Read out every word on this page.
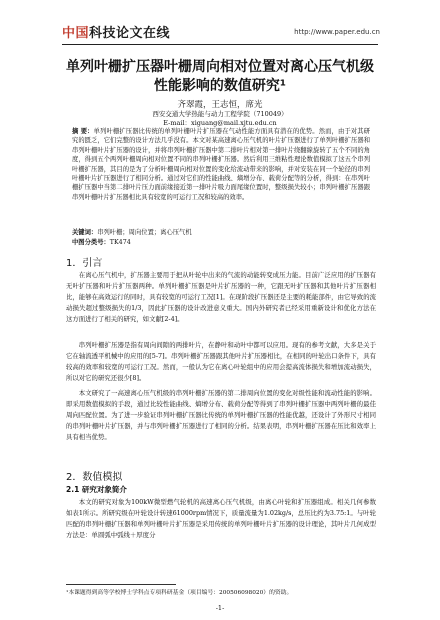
中国科技论文在线	http://www.paper.edu.cn
单列叶栅扩压器叶栅周向相对位置对离心压气机级性能影响的数值研究¹
齐翠霞，王志恒，席光
西安交通大学热能与动力工程学院（710049）
E-mail：xiguang@mail.xjtu.edu.cn
摘 要：单列叶栅扩压器比传统的单列叶栅叶片扩压器在气动性能方面具有潜在的优势。然而，由于对其研究的匮乏，它们完整的设计方法几乎没有。本文对某高速离心压气机的叶片扩压器进行了单列叶栅扩压器和串列叶栅叶片扩压器的设计，并将串列叶栅扩压器中第二排叶片相对第一排叶片绕翻線旋转了五个不同的角度，得到五个两列叶栅周向相对位置不同的串列叶栅扩压器。然后利用三维粘性理论数值模拟了这五个串列叶栅扩压器，其目的是为了分析叶栅周向相对位置的变化给流动带来的影响，并对安装在同一个轮径的串列叶栅叶片扩压器进行了相同分析。通过对它们的性能曲线、熵增分布、载荷分配等的分析，得到：在串列叶栅扩压器中当第二排叶片压力面前缘接近第一排叶片吸力面尾缘位置时，整级损失较小；串列叶栅扩压器跟串列叶栅叶片扩压器相比具有较宽的可运行工况和较高的效率。
关键词：串列叶栅；周向位置；离心压气机
中图分类号：TK474
1．引言
在离心压气机中，扩压器主要用于把从叶轮中出来的气流的动能转变成压力能。目前广泛应用的扩压器有无叶扩压器和叶片扩压器两种。单列叶栅扩压器是叶片扩压器的一种，它跟无叶扩压器和其他叶片扩压器相比，能够在高效运行的同时，具有较宽的可运行工况[1]。在现阶段扩压器还是主要的耗能部件，由它导致的流动损失超过整级损失的1/3，因此扩压器的设计改进意义重大。国内外研究者已经采用重新设计和优化方法在这方面进行了相关的研究，如文献[2-4]。
串列叶栅扩压器是指有周向间隙的两排叶片，在静叶和动叶中都可以应用。现有的参考文献，大多是关于它在轴流透平机械中的应用的[5-7]。串列叶栅扩压器跟其他叶片扩压器相比，在相同的叶轮出口条件下，具有较高的效率和较宽的可运行工况。然而，一般认为它在离心叶轮组中的应用会提高流体损失和增加流动损失，所以对它的研究还很少[8]。
本文研究了一高速离心压气机级的串列叶栅扩压器的第二排周向位置的变化对级性能和流动性能的影响。即采用数值模拟的手段，通过比较性能曲线、熵增分布、载荷分配等得到了串列叶栅扩压器中两列叶栅的最佳周向匹配位置。为了进一步验证串列叶栅扩压器比传统的单列叶栅扩压器的性能优越，还设计了外形尺寸相同的串列叶栅叶片扩压器，并与串列叶栅扩压器进行了相同的分析。结果表明，串列叶栅扩压器在压比和效率上具有相当优势。
2．数值模拟
2.1 研究对象简介
本文的研究对象为100kW微型燃气轮机的高速离心压气机级，由离心叶轮和扩压器组成。相关几何参数如表1所示。所研究级在叶轮设计转速61000rpm情况下，质量流量为1.02kg/s，总压比约为3.75:1。与叶轮匹配的串列叶栅扩压器和单列叶栅叶片扩压器是采用传统的单列叶栅叶片扩压器的设计理论，其叶片几何成型方法是：单圆弧中弧线＋厚度分
¹本课题得到高等学校博士学科点专项科研基金（项目编号：200506098020）的资助。
-1-
